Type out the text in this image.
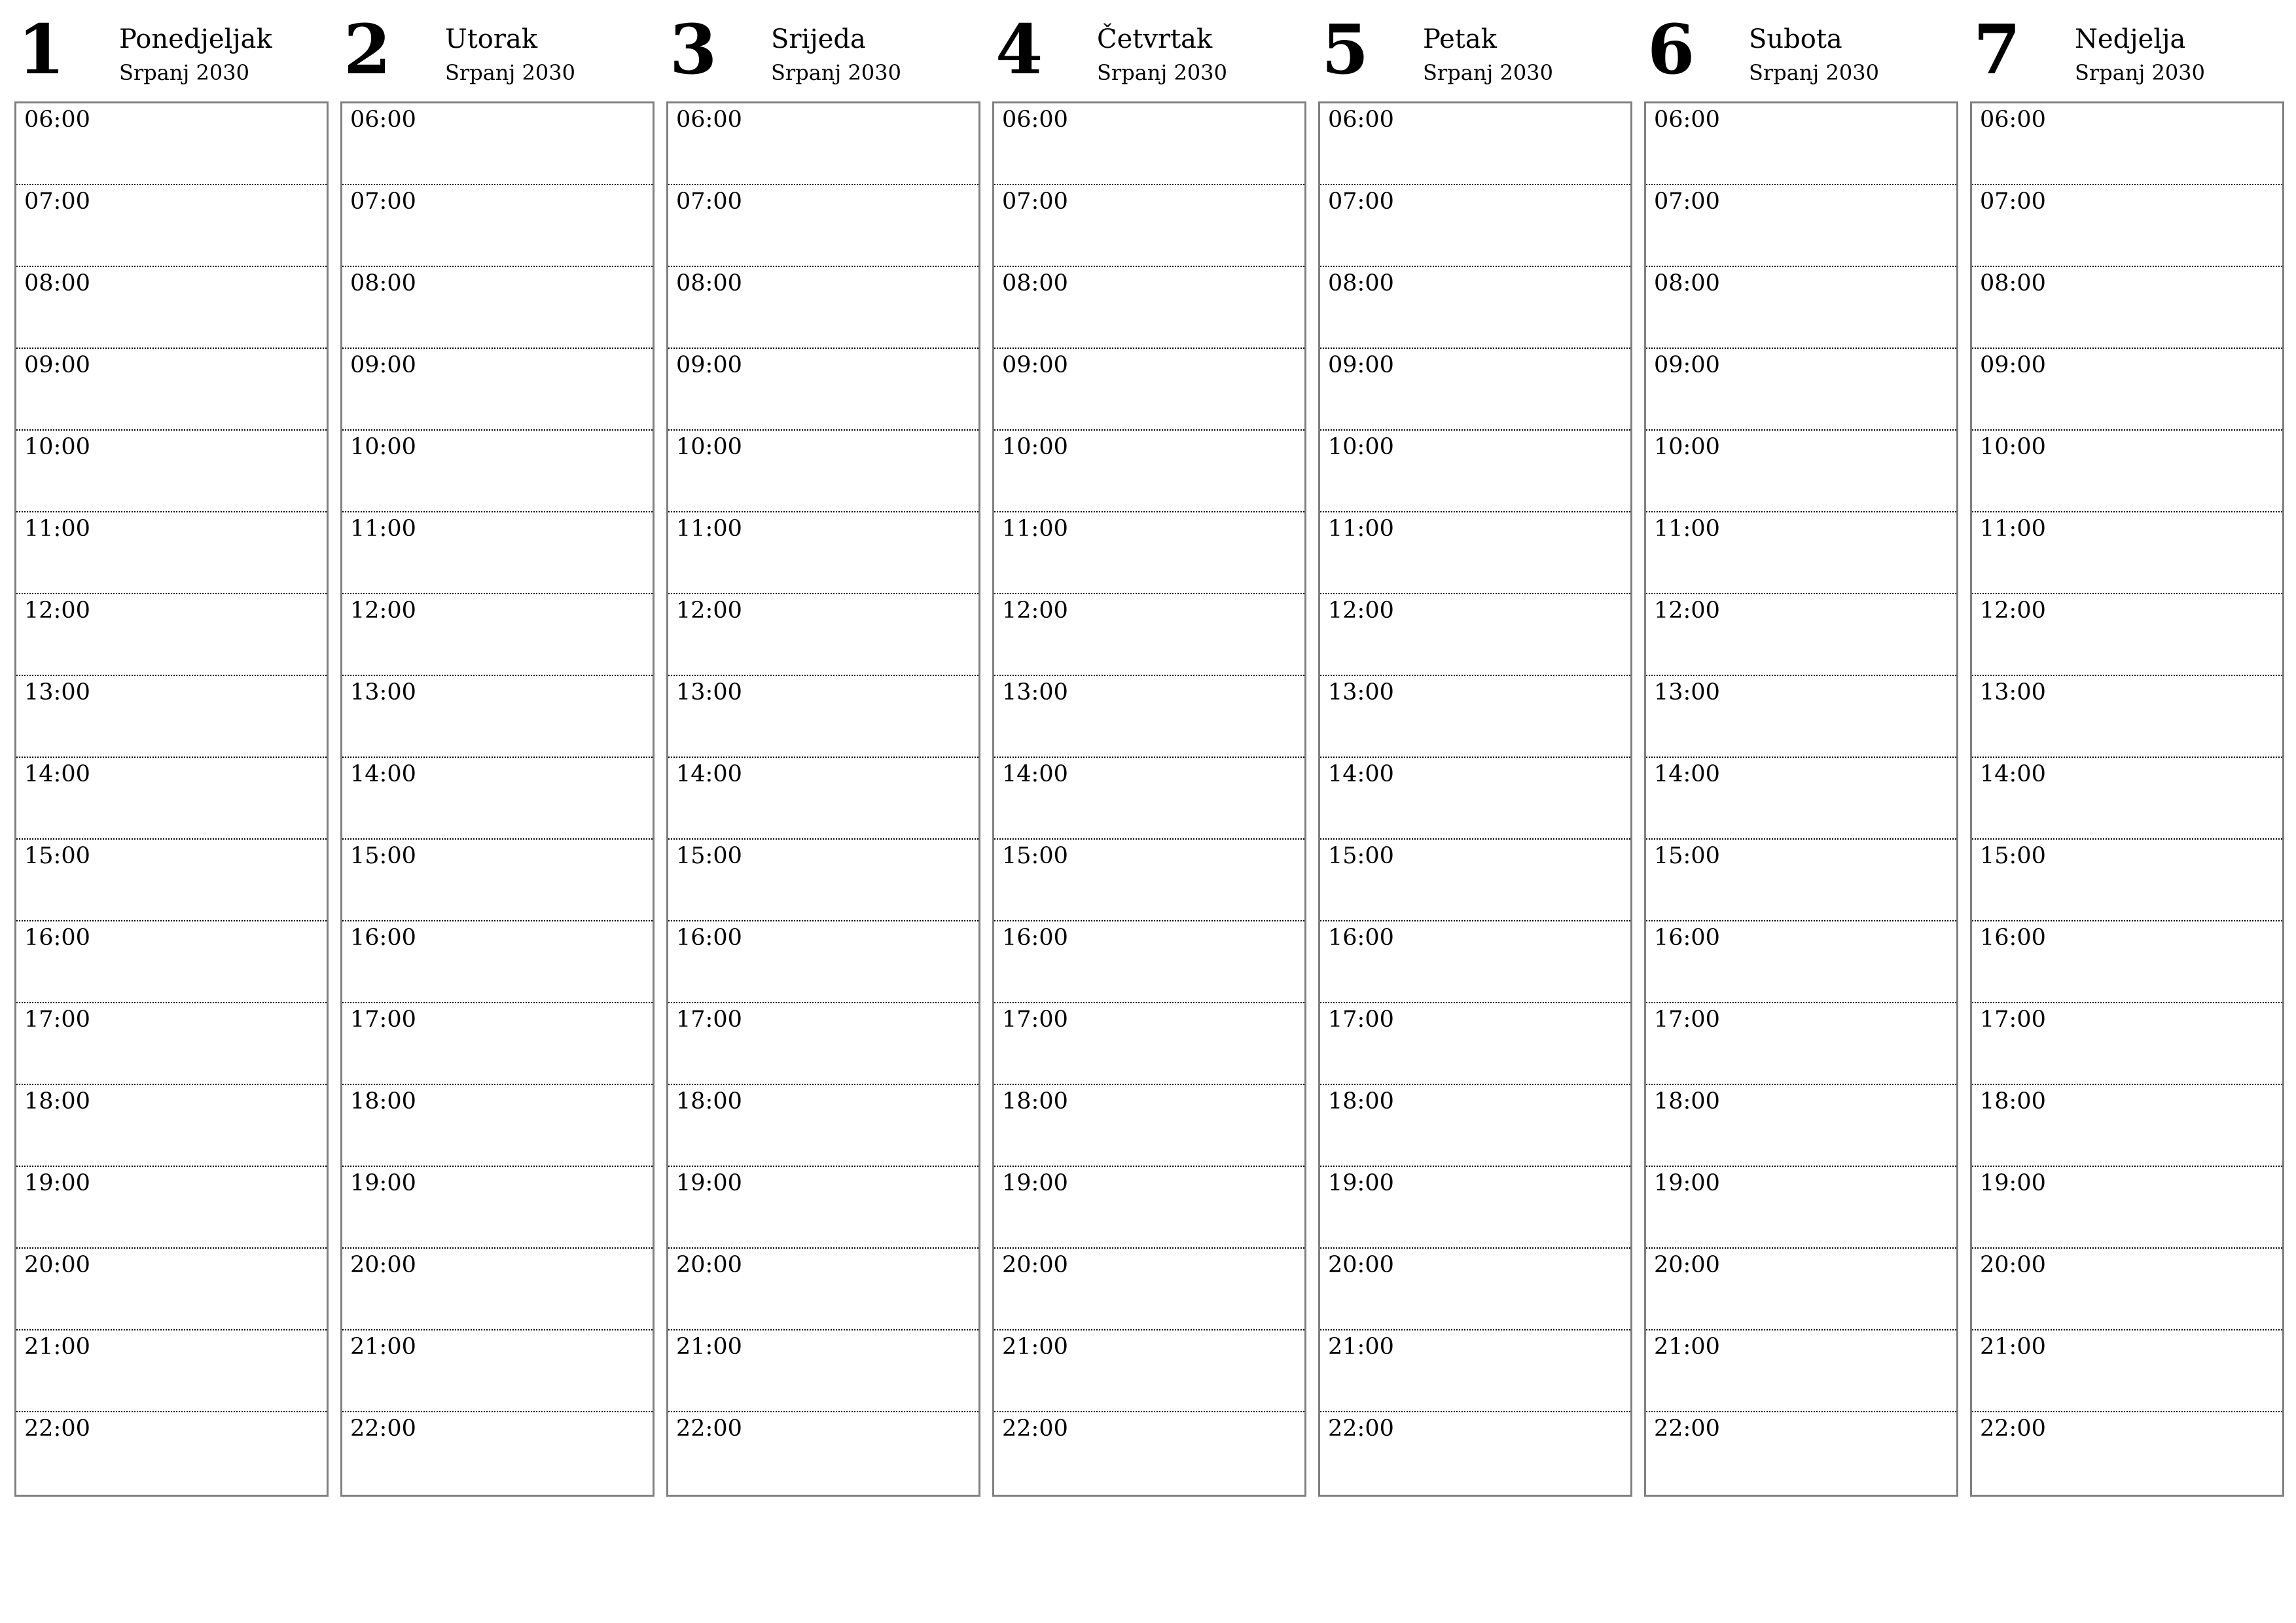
1 Ponedjeljak
Srpanj 2030
06:00
07:00
08:00
09:00
10:00
11:00
12:00
13:00
14:00
15:00
16:00
17:00
18:00
19:00
20:00
21:00
22:00
2 Utorak
Srpanj 2030
06:00
07:00
08:00
09:00
10:00
11:00
12:00
13:00
14:00
15:00
16:00
17:00
18:00
19:00
20:00
21:00
22:00
3 Srijeda
Srpanj 2030
06:00
07:00
08:00
09:00
10:00
11:00
12:00
13:00
14:00
15:00
16:00
17:00
18:00
19:00
20:00
21:00
22:00
4 Četvrtak
Srpanj 2030
06:00
07:00
08:00
09:00
10:00
11:00
12:00
13:00
14:00
15:00
16:00
17:00
18:00
19:00
20:00
21:00
22:00
5 Petak
Srpanj 2030
06:00
07:00
08:00
09:00
10:00
11:00
12:00
13:00
14:00
15:00
16:00
17:00
18:00
19:00
20:00
21:00
22:00
6 Subota
Srpanj 2030
06:00
07:00
08:00
09:00
10:00
11:00
12:00
13:00
14:00
15:00
16:00
17:00
18:00
19:00
20:00
21:00
22:00
7 Nedjelja
Srpanj 2030
06:00
07:00
08:00
09:00
10:00
11:00
12:00
13:00
14:00
15:00
16:00
17:00
18:00
19:00
20:00
21:00
22:00
